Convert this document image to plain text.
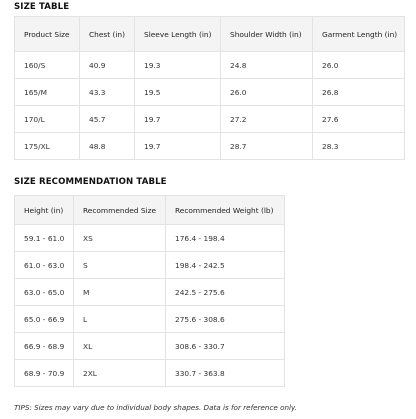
SIZE TABLE
Product Size	Chest (in)	Sleeve Length (in)	Shoulder Width (in)	Garment Length (in)
160/S	40.9	19.3	24.8	26.0
165/M	43.3	19.5	26.0	26.8
170/L	45.7	19.7	27.2	27.6
175/XL	48.8	19.7	28.7	28.3
SIZE RECOMMENDATION TABLE
Height (in)	Recommended Size	Recommended Weight (lb)
59.1 - 61.0	XS	176.4 - 198.4
61.0 - 63.0	S	198.4 - 242.5
63.0 - 65.0	M	242.5 - 275.6
65.0 - 66.9	L	275.6 - 308.6
66.9 - 68.9	XL	308.6 - 330.7
68.9 - 70.9	2XL	330.7 - 363.8
TIPS: Sizes may vary due to individual body shapes. Data is for reference only.
